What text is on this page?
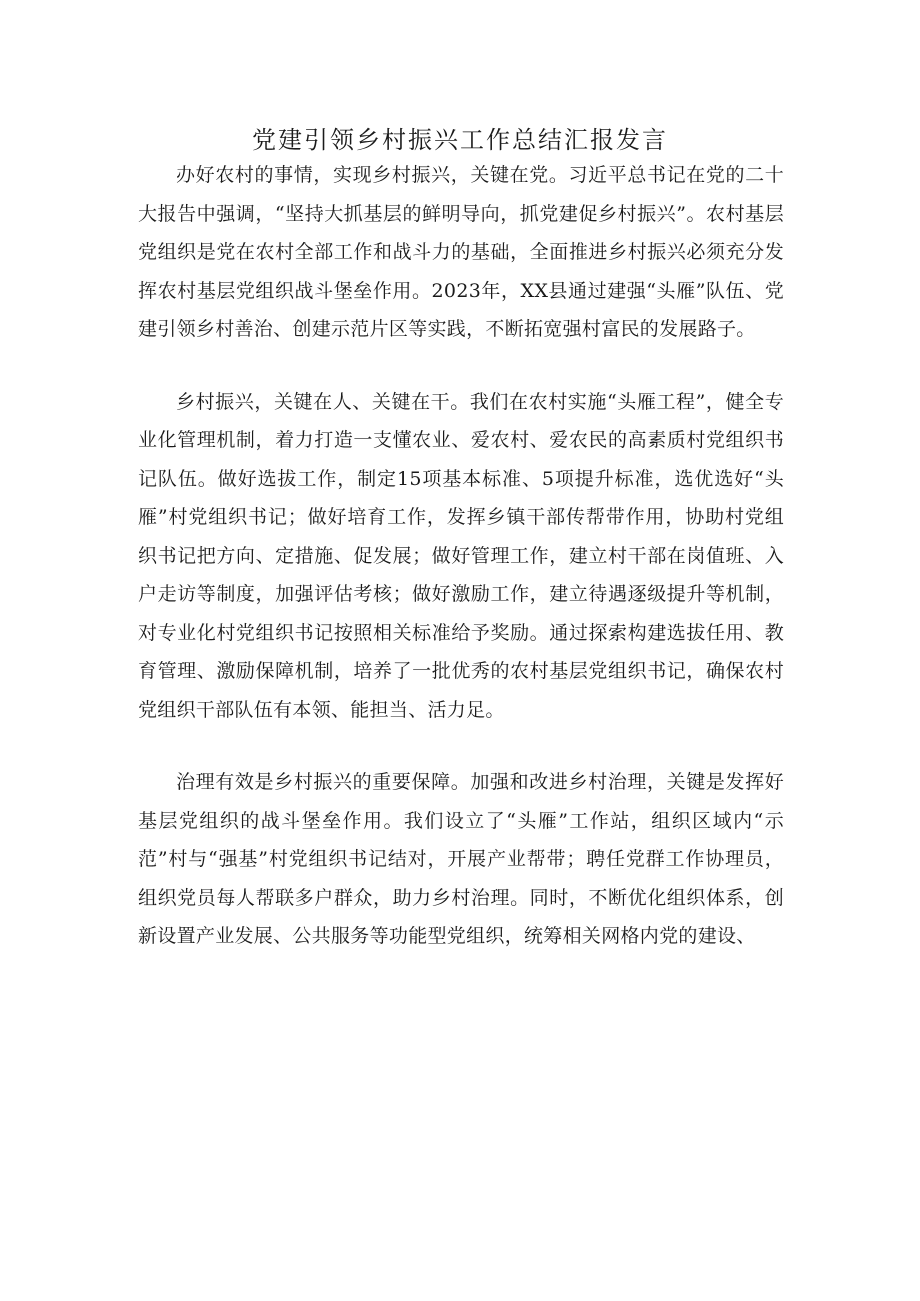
党建引领乡村振兴工作总结汇报发言

办好农村的事情，实现乡村振兴，关键在党。习近平总书记在党的二十大报告中强调，“坚持大抓基层的鲜明导向，抓党建促乡村振兴”。农村基层党组织是党在农村全部工作和战斗力的基础，全面推进乡村振兴必须充分发挥农村基层党组织战斗堡垒作用。2023年，XX县通过建强“头雁”队伍、党建引领乡村善治、创建示范片区等实践，不断拓宽强村富民的发展路子。

乡村振兴，关键在人、关键在干。我们在农村实施“头雁工程”，健全专业化管理机制，着力打造一支懂农业、爱农村、爱农民的高素质村党组织书记队伍。做好选拔工作，制定15项基本标准、5项提升标准，选优选好“头雁”村党组织书记；做好培育工作，发挥乡镇干部传帮带作用，协助村党组织书记把方向、定措施、促发展；做好管理工作，建立村干部在岗值班、入户走访等制度，加强评估考核；做好激励工作，建立待遇逐级提升等机制，对专业化村党组织书记按照相关标准给予奖励。通过探索构建选拔任用、教育管理、激励保障机制，培养了一批优秀的农村基层党组织书记，确保农村党组织干部队伍有本领、能担当、活力足。

治理有效是乡村振兴的重要保障。加强和改进乡村治理，关键是发挥好基层党组织的战斗堡垒作用。我们设立了“头雁”工作站，组织区域内“示范”村与“强基”村党组织书记结对，开展产业帮带；聘任党群工作协理员，组织党员每人帮联多户群众，助力乡村治理。同时，不断优化组织体系，创新设置产业发展、公共服务等功能型党组织，统筹相关网格内党的建设、
